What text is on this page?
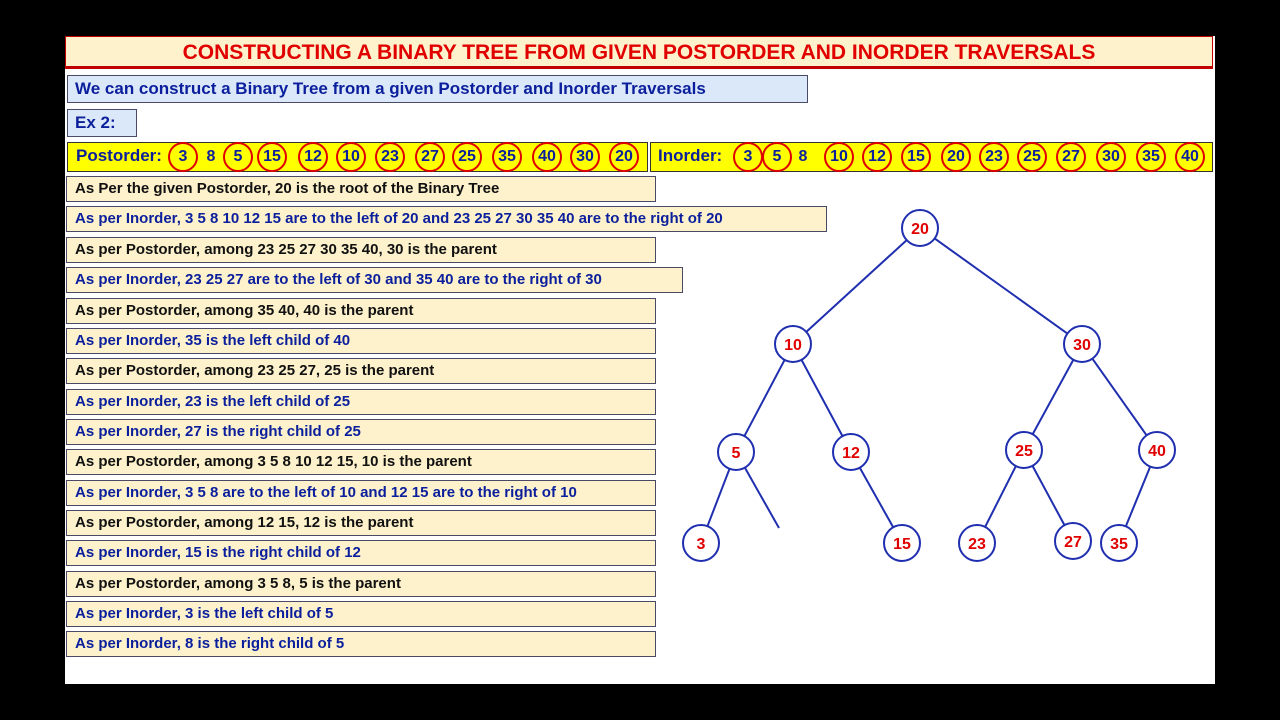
CONSTRUCTING A BINARY TREE FROM GIVEN POSTORDER AND INORDER TRAVERSALS
We can construct a Binary Tree from a given Postorder and Inorder Traversals
Ex 2:
Postorder:	3	8	5	15	12	10	23	27	25	35	40	30	20	Inorder:	3	5	8	10	12	15	20	23	25	27	30	35	40
As Per the given Postorder, 20 is the root of the Binary Tree
As per Inorder, 3 5 8 10 12 15 are to the left of 20 and 23 25 27 30 35 40 are to the right of 20
As per Postorder, among 23 25 27 30 35 40, 30 is the parent
As per Inorder, 23 25 27 are to the left of 30 and 35 40 are to the right of 30
As per Postorder, among 35 40, 40 is the parent
As per Inorder, 35 is the left child of 40
As per Postorder, among 23 25 27, 25 is the parent
As per Inorder, 23 is the left child of 25
As per Inorder, 27 is the right child of 25
As per Postorder, among 3 5 8 10 12 15, 10 is the parent
As per Inorder, 3 5 8 are to the left of 10 and 12 15 are to the right of 10
As per Postorder, among 12 15, 12 is the parent
As per Inorder, 15 is the right child of 12
As per Postorder, among 3 5 8, 5 is the parent
As per Inorder, 3 is the left child of 5
As per Inorder, 8 is the right child of 5
20
10	30
5	12	25	40
3	15	23	27 35
